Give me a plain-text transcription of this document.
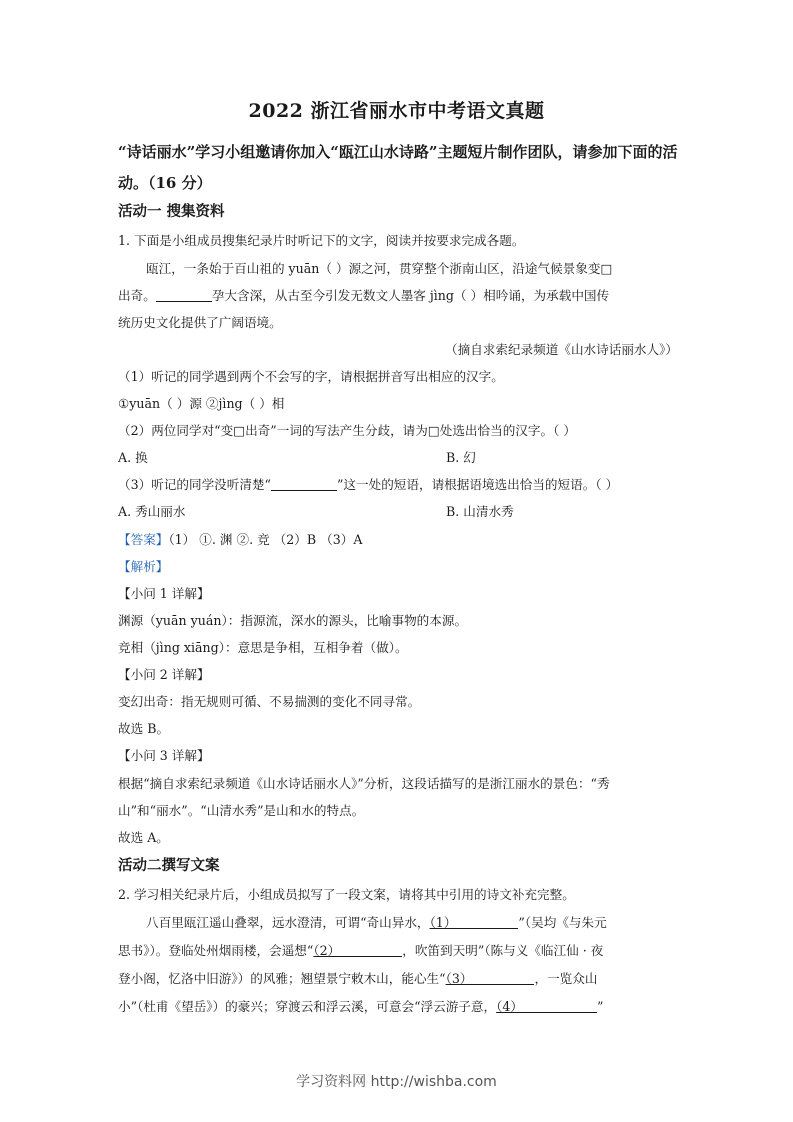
2022 浙江省丽水市中考语文真题
“诗话丽水”学习小组邀请你加入“瓯江山水诗路”主题短片制作团队，请参加下面的活动。（16 分）
活动一 搜集资料
1. 下面是小组成员搜集纪录片时听记下的文字，阅读并按要求完成各题。
瓯江，一条始于百山祖的 yuān（ ）源之河，贯穿整个浙南山区，沿途气候景象变□
出奇。	孕大含深，从古至今引发无数文人墨客 jìng（ ）相吟诵，为承载中国传
统历史文化提供了广阔语境。
（摘自求索纪录频道《山水诗话丽水人》）
（1）听记的同学遇到两个不会写的字，请根据拼音写出相应的汉字。
①yuān（ ）源 ②jìng（ ）相
（2）两位同学对“变□出奇”一词的写法产生分歧，请为□处选出恰当的汉字。（ ）
A. 换	B. 幻
（3）听记的同学没听清楚“	”这一处的短语，请根据语境选出恰当的短语。（ ）
A. 秀山丽水	B. 山清水秀
【答案】（1） ①. 渊 ②. 竞 （2）B （3）A
【解析】
【小问 1 详解】
渊源（yuān yuán）：指源流，深水的源头，比喻事物的本源。
竞相（jìng xiāng）：意思是争相，互相争着（做）。
【小问 2 详解】
变幻出奇：指无规则可循、不易揣测的变化不同寻常。
故选 B。
【小问 3 详解】
根据“摘自求索纪录频道《山水诗话丽水人》”分析，这段话描写的是浙江丽水的景色：“秀
山”和“丽水”。“山清水秀”是山和水的特点。
故选 A。
活动二撰写文案
2. 学习相关纪录片后，小组成员拟写了一段文案，请将其中引用的诗文补充完整。
八百里瓯江遥山叠翠，远水澄清，可谓“奇山异水，（1）	”（吴均《与朱元
思书》）。登临处州烟雨楼，会遥想“（2）	，吹笛到天明”（陈与义《临江仙 · 夜
登小阁，忆洛中旧游》）的风雅；翘望景宁敕木山，能心生“（3）	，一览众山
小”（杜甫《望岳》）的豪兴；穿渡云和浮云溪，可意会“浮云游子意，（4）	”
学习资料网 http://wishba.com
